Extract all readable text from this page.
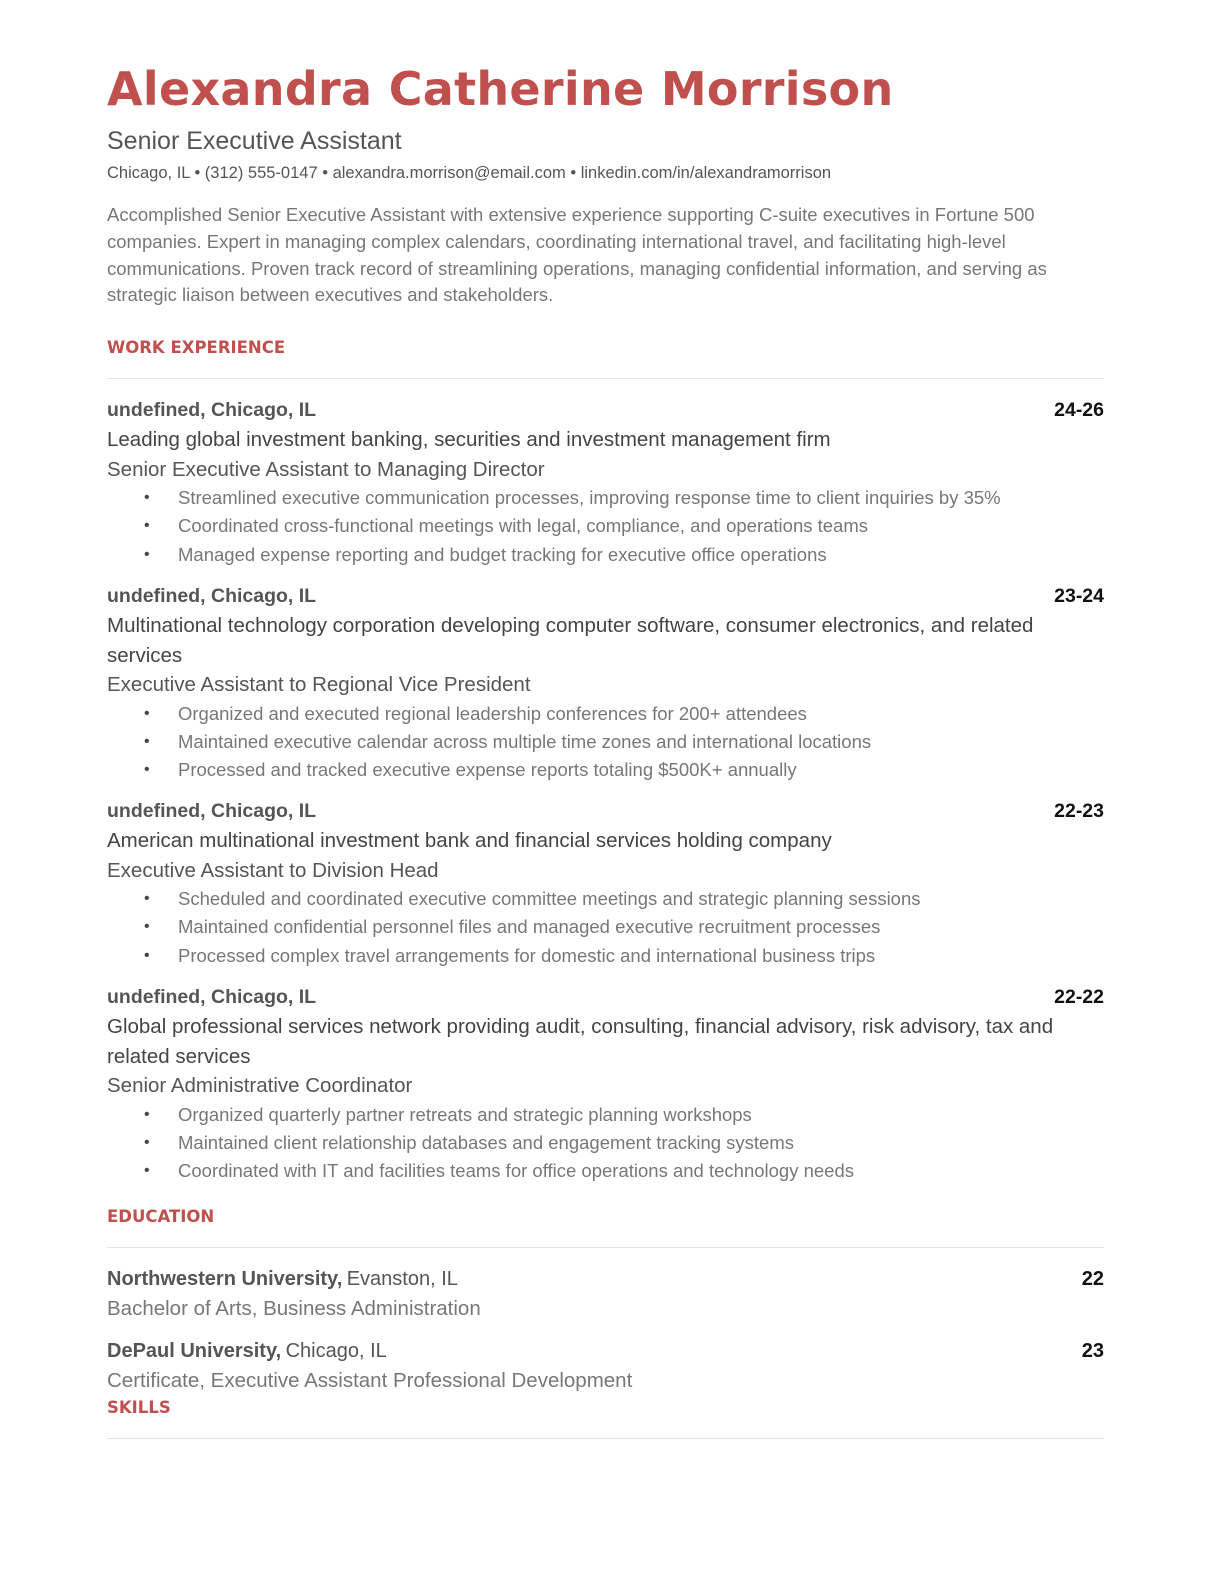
Alexandra Catherine Morrison
Senior Executive Assistant
Chicago, IL • (312) 555-0147 • alexandra.morrison@email.com • linkedin.com/in/alexandramorrison
Accomplished Senior Executive Assistant with extensive experience supporting C-suite executives in Fortune 500 companies. Expert in managing complex calendars, coordinating international travel, and facilitating high-level communications. Proven track record of streamlining operations, managing confidential information, and serving as strategic liaison between executives and stakeholders.
WORK EXPERIENCE
undefined, Chicago, IL	24-26
Leading global investment banking, securities and investment management firm
Senior Executive Assistant to Managing Director
• Streamlined executive communication processes, improving response time to client inquiries by 35%
• Coordinated cross-functional meetings with legal, compliance, and operations teams
• Managed expense reporting and budget tracking for executive office operations
undefined, Chicago, IL	23-24
Multinational technology corporation developing computer software, consumer electronics, and related services
Executive Assistant to Regional Vice President
• Organized and executed regional leadership conferences for 200+ attendees
• Maintained executive calendar across multiple time zones and international locations
• Processed and tracked executive expense reports totaling $500K+ annually
undefined, Chicago, IL	22-23
American multinational investment bank and financial services holding company
Executive Assistant to Division Head
• Scheduled and coordinated executive committee meetings and strategic planning sessions
• Maintained confidential personnel files and managed executive recruitment processes
• Processed complex travel arrangements for domestic and international business trips
undefined, Chicago, IL	22-22
Global professional services network providing audit, consulting, financial advisory, risk advisory, tax and related services
Senior Administrative Coordinator
• Organized quarterly partner retreats and strategic planning workshops
• Maintained client relationship databases and engagement tracking systems
• Coordinated with IT and facilities teams for office operations and technology needs
EDUCATION
Northwestern University, Evanston, IL	22
Bachelor of Arts, Business Administration
DePaul University, Chicago, IL	23
Certificate, Executive Assistant Professional Development
SKILLS
